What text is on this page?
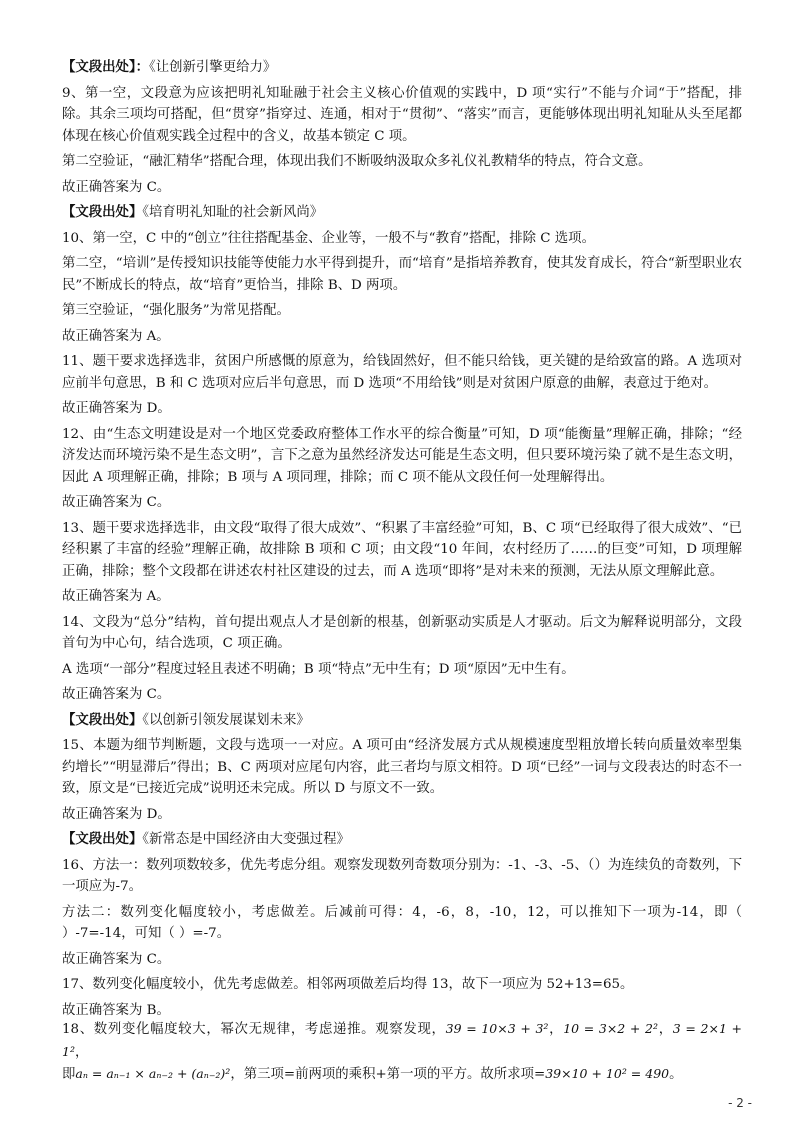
【文段出处】：《让创新引擎更给力》

9、第一空，文段意为应该把明礼知耻融于社会主义核心价值观的实践中，D 项“实行”不能与介词“于”搭配，排除。其余三项均可搭配，但“贯穿”指穿过、连通，相对于“贯彻”、“落实”而言，更能够体现出明礼知耻从头至尾都体现在核心价值观实践全过程中的含义，故基本锁定 C 项。

第二空验证，“融汇精华”搭配合理，体现出我们不断吸纳汲取众多礼仪礼教精华的特点，符合文意。

故正确答案为 C。

【文段出处】《培育明礼知耻的社会新风尚》

10、第一空，C 中的“创立”往往搭配基金、企业等，一般不与“教育”搭配，排除 C 选项。

第二空，“培训”是传授知识技能等使能力水平得到提升，而“培育”是指培养教育，使其发育成长，符合“新型职业农民”不断成长的特点，故“培育”更恰当，排除 B、D 两项。

第三空验证，“强化服务”为常见搭配。

故正确答案为 A。

11、题干要求选择选非，贫困户所感慨的原意为，给钱固然好，但不能只给钱，更关键的是给致富的路。A 选项对应前半句意思，B 和 C 选项对应后半句意思，而 D 选项“不用给钱”则是对贫困户原意的曲解，表意过于绝对。

故正确答案为 D。

12、由“生态文明建设是对一个地区党委政府整体工作水平的综合衡量”可知，D 项“能衡量”理解正确，排除；“经济发达而环境污染不是生态文明”，言下之意为虽然经济发达可能是生态文明，但只要环境污染了就不是生态文明，因此 A 项理解正确，排除；B 项与 A 项同理，排除；而 C 项不能从文段任何一处理解得出。

故正确答案为 C。

13、题干要求选择选非，由文段“取得了很大成效”、“积累了丰富经验”可知，B、C 项“已经取得了很大成效”、“已经积累了丰富的经验”理解正确，故排除 B 项和 C 项；由文段“10 年间，农村经历了……的巨变”可知，D 项理解正确，排除；整个文段都在讲述农村社区建设的过去，而 A 选项“即将”是对未来的预测，无法从原文理解此意。

故正确答案为 A。

14、文段为“总分”结构，首句提出观点人才是创新的根基，创新驱动实质是人才驱动。后文为解释说明部分，文段首句为中心句，结合选项，C 项正确。

A 选项“一部分”程度过轻且表述不明确；B 项“特点”无中生有；D 项“原因”无中生有。

故正确答案为 C。

【文段出处】《以创新引领发展谋划未来》

15、本题为细节判断题，文段与选项一一对应。A 项可由“经济发展方式从规模速度型粗放增长转向质量效率型集约增长”“明显滞后”得出；B、C 两项对应尾句内容，此三者均与原文相符。D 项“已经”一词与文段表达的时态不一致，原文是“已接近完成”说明还未完成。所以 D 与原文不一致。

故正确答案为 D。

【文段出处】《新常态是中国经济由大变强过程》

16、方法一：数列项数较多，优先考虑分组。观察发现数列奇数项分别为：-1、-3、-5、（）为连续负的奇数列，下一项应为-7。

方法二：数列变化幅度较小，考虑做差。后减前可得：4，-6，8，-10，12，可以推知下一项为-14，即（ ）-7=-14，可知（ ）=-7。

故正确答案为 C。

17、数列变化幅度较小，优先考虑做差。相邻两项做差后均得 13，故下一项应为 52+13=65。

故正确答案为 B。

18、数列变化幅度较大，幂次无规律，考虑递推。观察发现，39 = 10×3 + 3²，10 = 3×2 + 2²，3 = 2×1 + 1²，
即aₙ = aₙ₋₁ × aₙ₋₂ + (aₙ₋₂)²，第三项=前两项的乘积+第一项的平方。故所求项=39×10 + 10² = 490。

- 2 -
